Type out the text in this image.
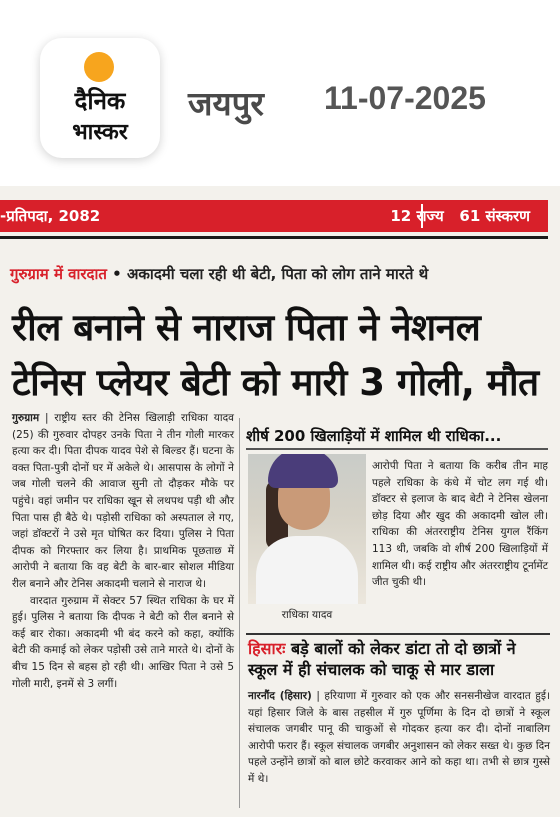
दैनिक
भास्कर
जयपुर 11-07-2025
-प्रतिपदा, 2082	12 राज्य 61 संस्करण
गुरुग्राम में वारदात • अकादमी चला रही थी बेटी, पिता को लोग ताने मारते थे
रील बनाने से नाराज पिता ने नेशनल
टेनिस प्लेयर बेटी को मारी 3 गोली, मौत

गुरुग्राम | राष्ट्रीय स्तर की टेनिस खिलाड़ी राधिका यादव (25) की गुरुवार दोपहर उनके पिता ने तीन गोली मारकर हत्या कर दी। पिता दीपक यादव पेशे से बिल्डर हैं। घटना के वक्त पिता-पुत्री दोनों घर में अकेले थे। आसपास के लोगों ने जब गोली चलने की आवाज सुनी तो दौड़कर मौके पर पहुंचे। वहां जमीन पर राधिका खून से लथपथ पड़ी थी और पिता पास ही बैठे थे। पड़ोसी राधिका को अस्पताल ले गए, जहां डॉक्टरों ने उसे मृत घोषित कर दिया। पुलिस ने पिता दीपक को गिरफ्तार कर लिया है। प्राथमिक पूछताछ में आरोपी ने बताया कि वह बेटी के बार-बार सोशल मीडिया रील बनाने और टेनिस अकादमी चलाने से नाराज थे।

वारदात गुरुग्राम में सेक्टर 57 स्थित राधिका के घर में हुई। पुलिस ने बताया कि दीपक ने बेटी को रील बनाने से कई बार रोका। अकादमी भी बंद करने को कहा, क्योंकि बेटी की कमाई को लेकर पड़ोसी उसे ताने मारते थे। दोनों के बीच 15 दिन से बहस हो रही थी। आखिर पिता ने उसे 5 गोली मारी, इनमें से 3 लगीं।

शीर्ष 200 खिलाड़ियों में शामिल थी राधिका...
राधिका यादव

आरोपी पिता ने बताया कि करीब तीन माह पहले राधिका के कंधे में चोट लग गई थी। डॉक्टर से इलाज के बाद बेटी ने टेनिस खेलना छोड़ दिया और खुद की अकादमी खोल ली। राधिका की अंतरराष्ट्रीय टेनिस युगल रैंकिंग 113 थी, जबकि वो शीर्ष 200 खिलाड़ियों में शामिल थी। कई राष्ट्रीय और अंतरराष्ट्रीय टूर्नामेंट जीत चुकी थी।

हिसारः बड़े बालों को लेकर डांटा तो दो छात्रों ने स्कूल में ही संचालक को चाकू से मार डाला

नारनौंद (हिसार) | हरियाणा में गुरुवार को एक और सनसनीखेज वारदात हुई। यहां हिसार जिले के बास तहसील में गुरु पूर्णिमा के दिन दो छात्रों ने स्कूल संचालक जगबीर पानू की चाकुओं से गोदकर हत्या कर दी। दोनों नाबालिग आरोपी फरार हैं। स्कूल संचालक जगबीर अनुशासन को लेकर सख्त थे। कुछ दिन पहले उन्होंने छात्रों को बाल छोटे करवाकर आने को कहा था। तभी से छात्र गुस्से में थे।
